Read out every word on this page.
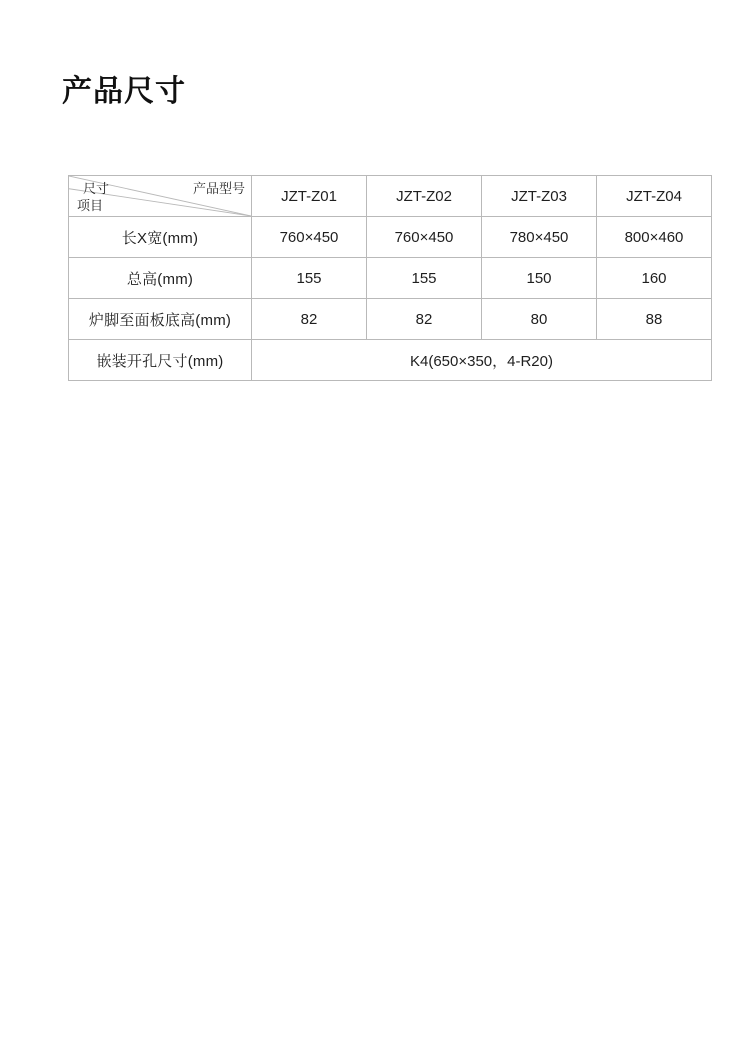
产品尺寸
尺寸 产品型号
项目	JZT-Z01	JZT-Z02	JZT-Z03	JZT-Z04
长X宽(mm)	760×450	760×450	780×450	800×460
总高(mm)	155	155	150	160
炉脚至面板底高(mm)	82	82	80	88
嵌装开孔尺寸(mm)	K4(650×350，4-R20)			
